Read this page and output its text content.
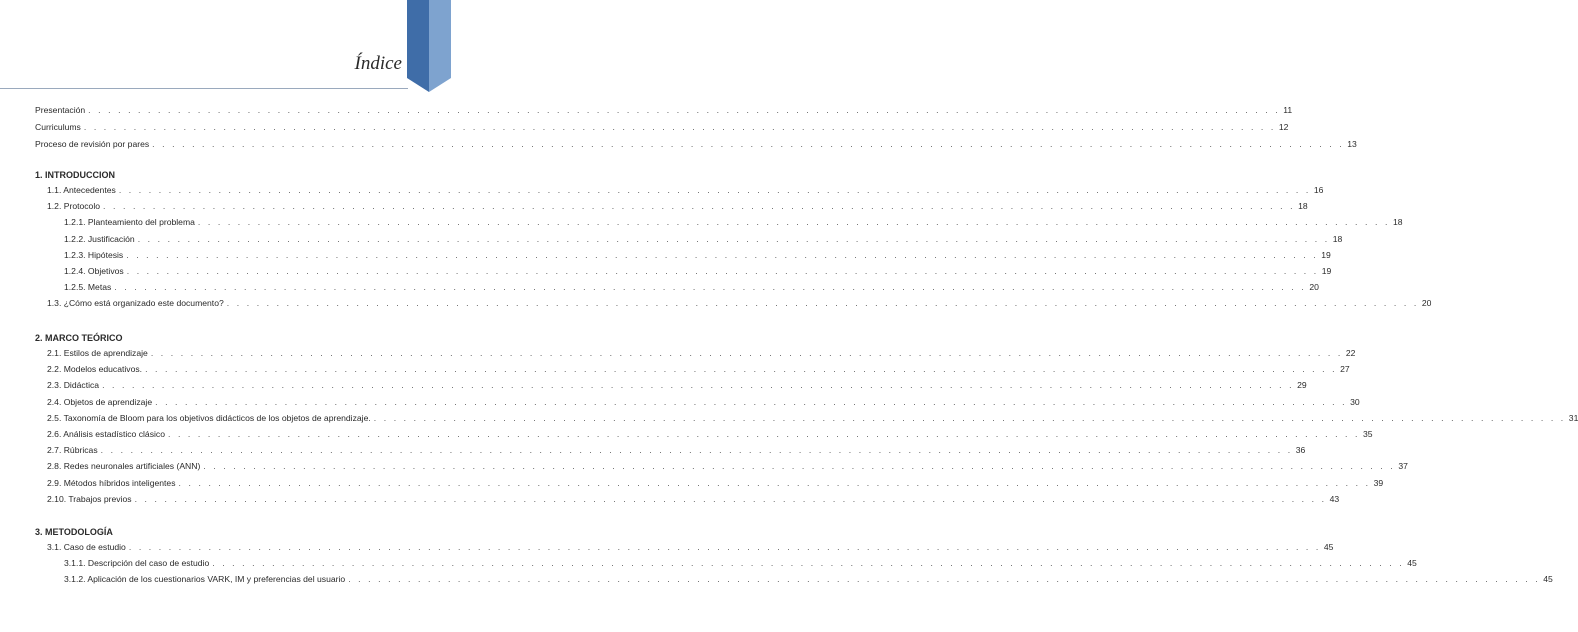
Índice
Presentación . . . . . . . . . . . . . . . . . . . . . . . . . . . . . . . . . . . . . . . . . . . . . . . . . . . . . . . . . . . . . . . . . . . . . . . . . . . . . . . . . . . . . . . . . . . . . . . . . . . . . . . . . . . . . . . . . . . . . . . . 11
Curriculums . . . . . . . . . . . . . . . . . . . . . . . . . . . . . . . . . . . . . . . . . . . . . . . . . . . . . . . . . . . . . . . . . . . . . . . . . . . . . . . . . . . . . . . . . . . . . . . . . . . . . . . . . . . . . . . . . . . . . . . . 12
Proceso de revisión por pares . . . . . . . . . . . . . . . . . . . . . . . . . . . . . . . . . . . . . . . . . . . . . . . . . . . . . . . . . . . . . . . . . . . . . . . . . . . . . . . . . . . . . . . . . . . . . . . . . . . . . . . . . . . . . . . . . . . . . . . . 13
1. INTRODUCCION
1.1. Antecedentes . . . . . . . . . . . . . . . . . . . . . . . . . . . . . . . . . . . . . . . . . . . . . . . . . . . . . . . . . . . . . . . . . . . . . . . . . . . . . . . . . . . . . . . . . . . . . . . . . . . . . . . . . . . . . . . . . . . . . . . . 16
1.2. Protocolo . . . . . . . . . . . . . . . . . . . . . . . . . . . . . . . . . . . . . . . . . . . . . . . . . . . . . . . . . . . . . . . . . . . . . . . . . . . . . . . . . . . . . . . . . . . . . . . . . . . . . . . . . . . . . . . . . . . . . . . . 18
1.2.1. Planteamiento del problema . . . . . . . . . . . . . . . . . . . . . . . . . . . . . . . . . . . . . . . . . . . . . . . . . . . . . . . . . . . . . . . . . . . . . . . . . . . . . . . . . . . . . . . . . . . . . . . . . . . . . . . . . . . . . . . . . . . . . . . . 18
1.2.2. Justificación . . . . . . . . . . . . . . . . . . . . . . . . . . . . . . . . . . . . . . . . . . . . . . . . . . . . . . . . . . . . . . . . . . . . . . . . . . . . . . . . . . . . . . . . . . . . . . . . . . . . . . . . . . . . . . . . . . . . . . . . 18
1.2.3. Hipótesis . . . . . . . . . . . . . . . . . . . . . . . . . . . . . . . . . . . . . . . . . . . . . . . . . . . . . . . . . . . . . . . . . . . . . . . . . . . . . . . . . . . . . . . . . . . . . . . . . . . . . . . . . . . . . . . . . . . . . . . . 19
1.2.4. Objetivos . . . . . . . . . . . . . . . . . . . . . . . . . . . . . . . . . . . . . . . . . . . . . . . . . . . . . . . . . . . . . . . . . . . . . . . . . . . . . . . . . . . . . . . . . . . . . . . . . . . . . . . . . . . . . . . . . . . . . . . . 19
1.2.5. Metas . . . . . . . . . . . . . . . . . . . . . . . . . . . . . . . . . . . . . . . . . . . . . . . . . . . . . . . . . . . . . . . . . . . . . . . . . . . . . . . . . . . . . . . . . . . . . . . . . . . . . . . . . . . . . . . . . . . . . . . . 20
1.3. ¿Cómo está organizado este documento? . . . . . . . . . . . . . . . . . . . . . . . . . . . . . . . . . . . . . . . . . . . . . . . . . . . . . . . . . . . . . . . . . . . . . . . . . . . . . . . . . . . . . . . . . . . . . . . . . . . . . . . . . . . . . . . . . . . . . . . . 20
2. MARCO TEÓRICO
2.1. Estilos de aprendizaje . . . . . . . . . . . . . . . . . . . . . . . . . . . . . . . . . . . . . . . . . . . . . . . . . . . . . . . . . . . . . . . . . . . . . . . . . . . . . . . . . . . . . . . . . . . . . . . . . . . . . . . . . . . . . . . . . . . . . . . . 22
2.2. Modelos educativos. . . . . . . . . . . . . . . . . . . . . . . . . . . . . . . . . . . . . . . . . . . . . . . . . . . . . . . . . . . . . . . . . . . . . . . . . . . . . . . . . . . . . . . . . . . . . . . . . . . . . . . . . . . . . . . . . . . . . . . . . 27
2.3. Didáctica . . . . . . . . . . . . . . . . . . . . . . . . . . . . . . . . . . . . . . . . . . . . . . . . . . . . . . . . . . . . . . . . . . . . . . . . . . . . . . . . . . . . . . . . . . . . . . . . . . . . . . . . . . . . . . . . . . . . . . . . 29
2.4. Objetos de aprendizaje . . . . . . . . . . . . . . . . . . . . . . . . . . . . . . . . . . . . . . . . . . . . . . . . . . . . . . . . . . . . . . . . . . . . . . . . . . . . . . . . . . . . . . . . . . . . . . . . . . . . . . . . . . . . . . . . . . . . . . . . 30
2.5. Taxonomía de Bloom para los objetivos didácticos de los objetos de aprendizaje. . . . . . . . . . . . . . . . . . . . . . . . . . . . . . . . . . . . . . . . . . . . . . . . . . . . . . . . . . . . . . . . . . . . . . . . . . . . . . . . . . . . . . . . . . . . . . . . . . . . . . . . . . . . . . . . . . . . . . . . . 31
2.6. Análisis estadístico clásico . . . . . . . . . . . . . . . . . . . . . . . . . . . . . . . . . . . . . . . . . . . . . . . . . . . . . . . . . . . . . . . . . . . . . . . . . . . . . . . . . . . . . . . . . . . . . . . . . . . . . . . . . . . . . . . . . . . . . . . . 35
2.7. Rúbricas . . . . . . . . . . . . . . . . . . . . . . . . . . . . . . . . . . . . . . . . . . . . . . . . . . . . . . . . . . . . . . . . . . . . . . . . . . . . . . . . . . . . . . . . . . . . . . . . . . . . . . . . . . . . . . . . . . . . . . . . 36
2.8. Redes neuronales artificiales (ANN) . . . . . . . . . . . . . . . . . . . . . . . . . . . . . . . . . . . . . . . . . . . . . . . . . . . . . . . . . . . . . . . . . . . . . . . . . . . . . . . . . . . . . . . . . . . . . . . . . . . . . . . . . . . . . . . . . . . . . . . . 37
2.9. Métodos híbridos inteligentes . . . . . . . . . . . . . . . . . . . . . . . . . . . . . . . . . . . . . . . . . . . . . . . . . . . . . . . . . . . . . . . . . . . . . . . . . . . . . . . . . . . . . . . . . . . . . . . . . . . . . . . . . . . . . . . . . . . . . . . . 39
2.10. Trabajos previos . . . . . . . . . . . . . . . . . . . . . . . . . . . . . . . . . . . . . . . . . . . . . . . . . . . . . . . . . . . . . . . . . . . . . . . . . . . . . . . . . . . . . . . . . . . . . . . . . . . . . . . . . . . . . . . . . . . . . . . . 43
3. METODOLOGÍA
3.1. Caso de estudio . . . . . . . . . . . . . . . . . . . . . . . . . . . . . . . . . . . . . . . . . . . . . . . . . . . . . . . . . . . . . . . . . . . . . . . . . . . . . . . . . . . . . . . . . . . . . . . . . . . . . . . . . . . . . . . . . . . . . . . . 45
3.1.1. Descripción del caso de estudio . . . . . . . . . . . . . . . . . . . . . . . . . . . . . . . . . . . . . . . . . . . . . . . . . . . . . . . . . . . . . . . . . . . . . . . . . . . . . . . . . . . . . . . . . . . . . . . . . . . . . . . . . . . . . . . . . . . . . . . . 45
3.1.2. Aplicación de los cuestionarios VARK, IM y preferencias del usuario . . . . . . . . . . . . . . . . . . . . . . . . . . . . . . . . . . . . . . . . . . . . . . . . . . . . . . . . . . . . . . . . . . . . . . . . . . . . . . . . . . . . . . . . . . . . . . . . . . . . . . . . . . . . . . . . . . . . . . . . 45
